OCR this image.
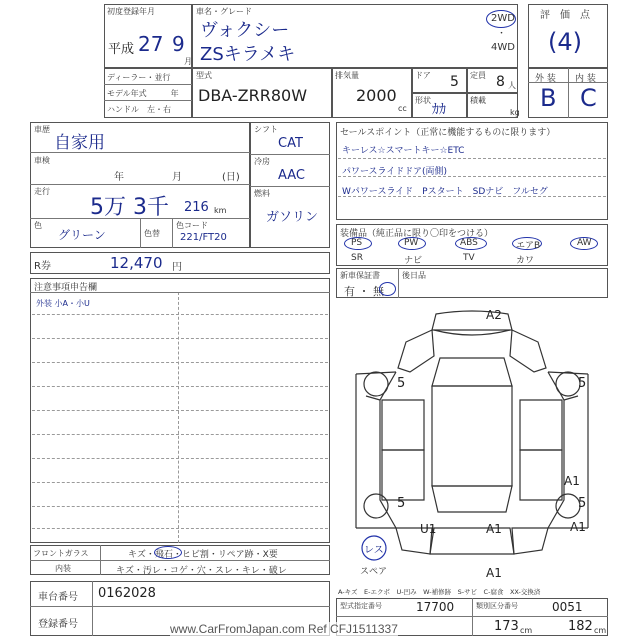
初度登録年月
平成 27 9
月
車名・グレード
ヴォクシー
ZSキラメキ
2WD
・
4WD
評　価　点
(4)
ディーラー・並行
モデル年式　　　年
ハンドル　左・右
型式
DBA-ZRR80W
排気量
2000
cc
ドア 5 定員 8 人
形状
ｶｶ
積載
kg
外 装 内 装
B C
車歴
自家用
車検
年	月	(日)
走行
5万 3千 216 km
色
グリーン	色替
色コード
221/FT20
シフト
CAT
冷房
AAC
燃料
ガソリン
R券	12,470 円
セールスポイント（正常に機能するものに限ります）
キーレス☆スマートキー☆ETC
パワースライドドア(両側)
Wパワースライド　Pスタート　SDナビ　フルセグ
装備品（純正品に限り〇印をつける）
PS	PW	ABS	エアB	AW
SR	ナビ	TV	カワ
新車保証書
有 ・ 無
後日品
注意事項申告欄
外装 小A・小U
フロントガラス	キズ・飛石・ヒビ割・リペア跡・X要
内装	キズ・汚レ・コゲ・穴・スレ・キレ・破レ
車台番号 0162028
登録番号
型式指定番号	17700	類別区分番号	0051
173 cm	182 cm
A2
5	5
5	5
A1
A1
U1	A1
A1
レス
スペア
A-キズ　E-エクボ　U-凹み　W-補修跡　S-サビ　C-腐食　XX-交換済
www.CarFromJapan.com Ref CFJ1511337
